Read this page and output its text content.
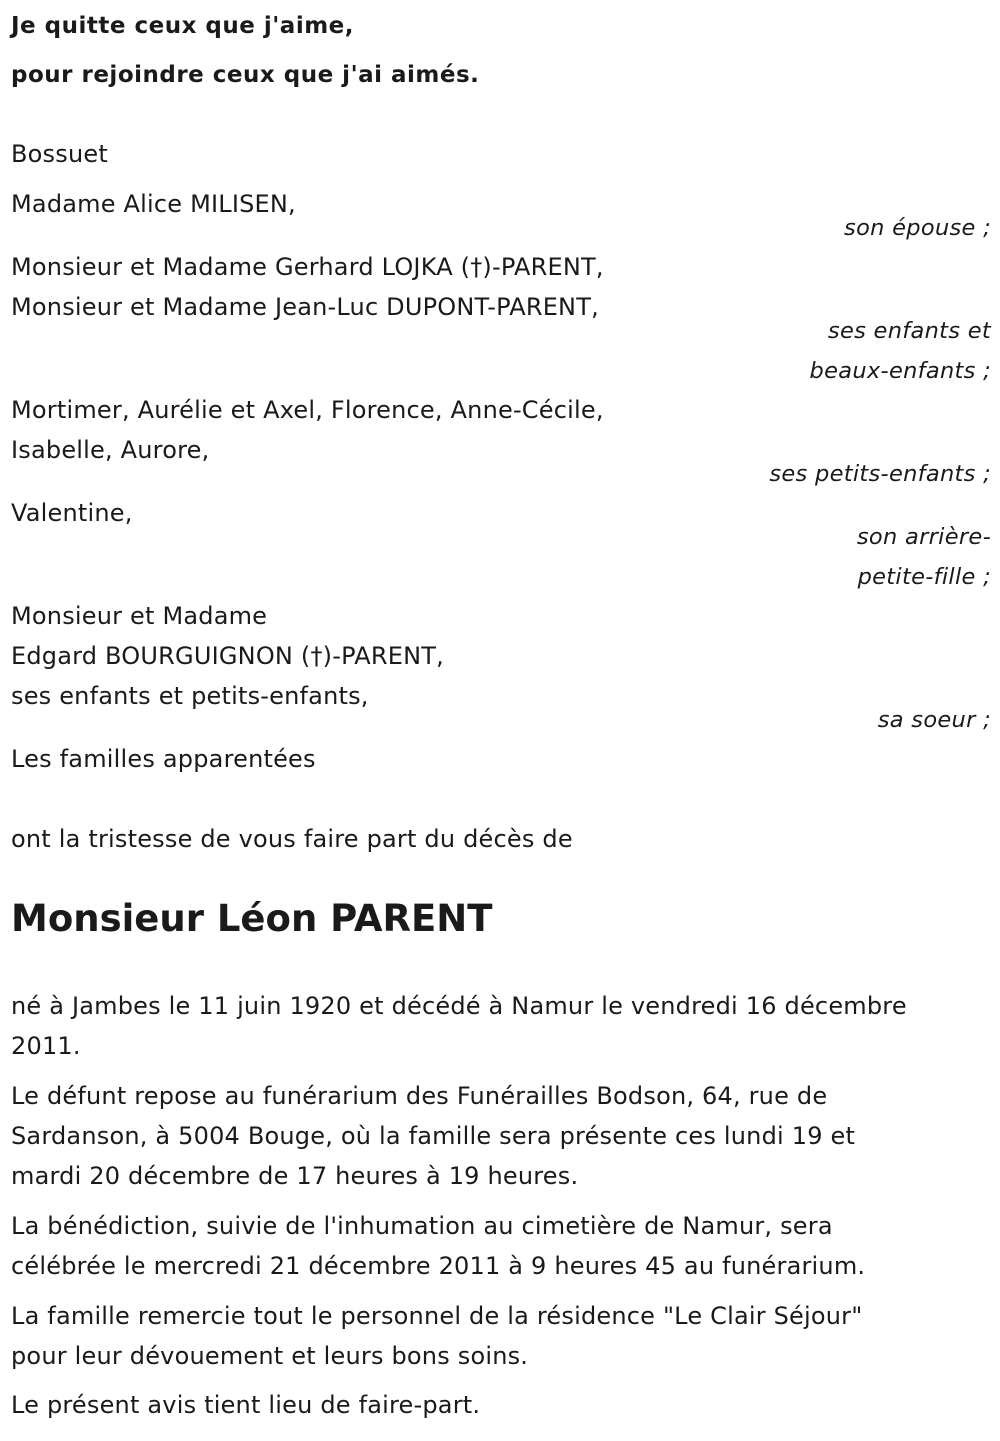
Je quitte ceux que j'aime,
pour rejoindre ceux que j'ai aimés.
Bossuet
Madame Alice MILISEN,
son épouse ;
Monsieur et Madame Gerhard LOJKA (†)-PARENT,
Monsieur et Madame Jean-Luc DUPONT-PARENT,
ses enfants et
beaux-enfants ;
Mortimer, Aurélie et Axel, Florence, Anne-Cécile,
Isabelle, Aurore,
ses petits-enfants ;
Valentine,
son arrière-
petite-fille ;
Monsieur et Madame
Edgard BOURGUIGNON (†)-PARENT,
ses enfants et petits-enfants,
sa soeur ;
Les familles apparentées
ont la tristesse de vous faire part du décès de
Monsieur Léon PARENT
né à Jambes le 11 juin 1920 et décédé à Namur le vendredi 16 décembre
2011.
Le défunt repose au funérarium des Funérailles Bodson, 64, rue de
Sardanson, à 5004 Bouge, où la famille sera présente ces lundi 19 et
mardi 20 décembre de 17 heures à 19 heures.
La bénédiction, suivie de l'inhumation au cimetière de Namur, sera
célébrée le mercredi 21 décembre 2011 à 9 heures 45 au funérarium.
La famille remercie tout le personnel de la résidence "Le Clair Séjour"
pour leur dévouement et leurs bons soins.
Le présent avis tient lieu de faire-part.
